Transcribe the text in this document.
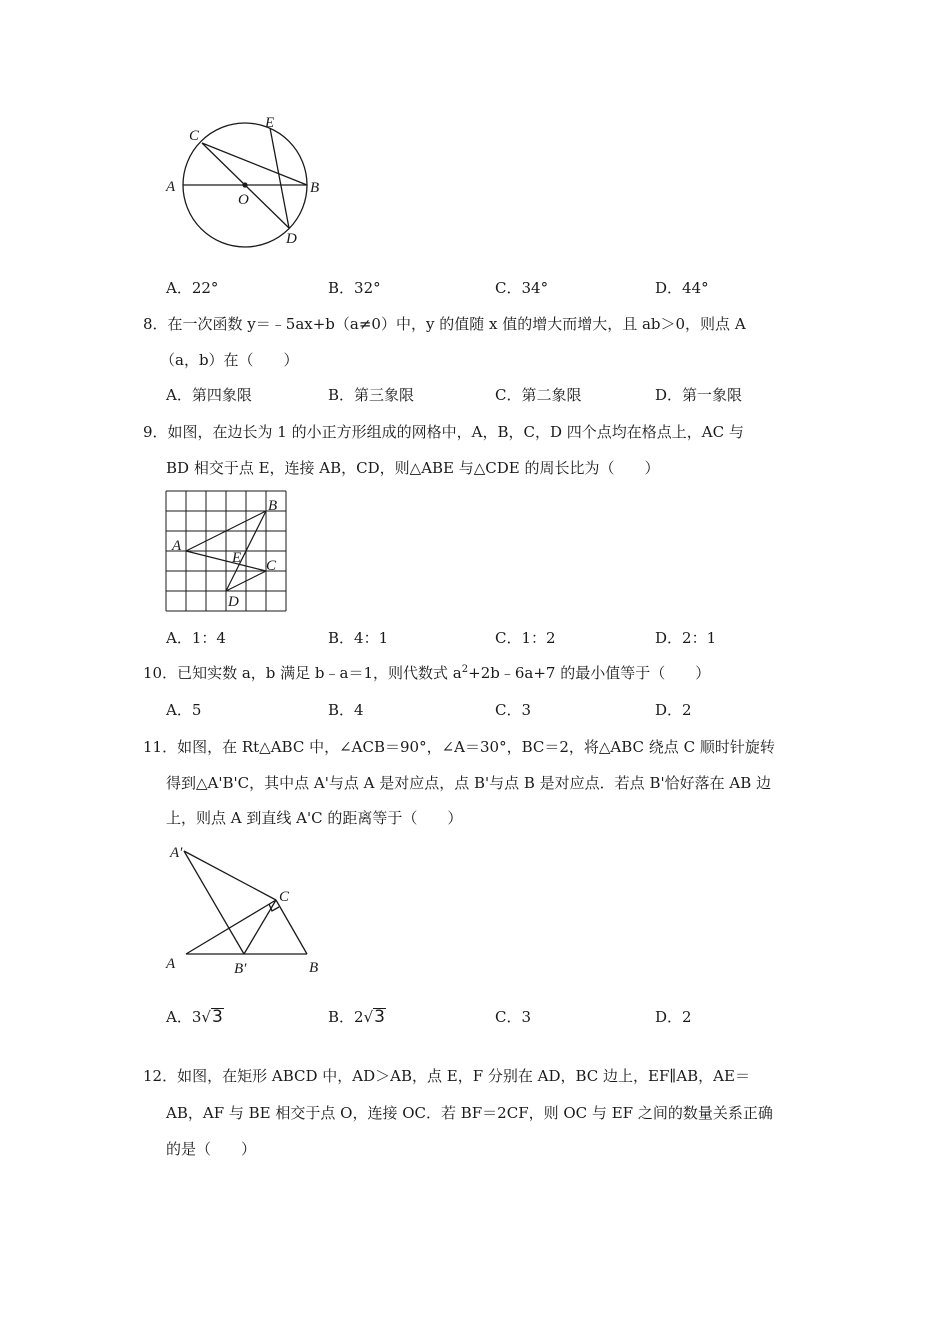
A	B
C
E
O
D
A．22°	B．32°	C．34°	D．44°
8．在一次函数 y＝﹣5ax+b（a≠0）中，y 的值随 x 值的增大而增大，且 ab＞0，则点 A
（a，b）在（　　）
A．第四象限	B．第三象限	C．第二象限	D．第一象限
9．如图，在边长为 1 的小正方形组成的网格中，A，B，C，D 四个点均在格点上，AC 与
BD 相交于点 E，连接 AB，CD，则△ABE 与△CDE 的周长比为（　　）
A
B
C
E
D
A．1：4	B．4：1	C．1：2	D．2：1
10．已知实数 a，b 满足 b﹣a＝1，则代数式 $a^2+2b﹣6a+7$ 的最小值等于（　　）
A．5	B．4	C．3	D．2
11．如图，在 Rt△ABC 中，∠ACB＝90°，∠A＝30°，BC＝2，将△ABC 绕点 C 顺时针旋转
得到△A'B'C，其中点 A'与点 A 是对应点，点 B'与点 B 是对应点．若点 B'恰好落在 AB 边
上，则点 A 到直线 A'C 的距离等于（　　）
A′
C
A	B′	B
A．3√3	B．2√3	C．3	D．2
12．如图，在矩形 ABCD 中，AD＞AB，点 E，F 分别在 AD，BC 边上，EF∥AB，AE＝
AB，AF 与 BE 相交于点 O，连接 OC．若 BF＝2CF，则 OC 与 EF 之间的数量关系正确
的是（　　）
